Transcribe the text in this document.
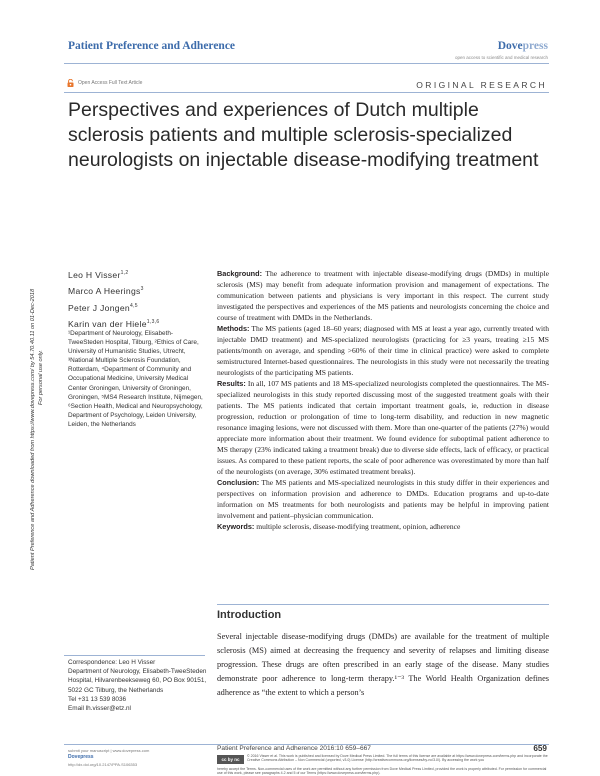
Patient Preference and Adherence	Dovepress
open access to scientific and medical research
Open Access Full Text Article	ORIGINAL RESEARCH
Perspectives and experiences of Dutch multiple sclerosis patients and multiple sclerosis-specialized neurologists on injectable disease-modifying treatment
Patient Preference and Adherence downloaded from https://www.dovepress.com/ by 54.70.40.11 on 01-Dec-2018 For personal use only.
Leo H Visser$^{1,2}$
Marco A Heerings$^3$
Peter J Jongen$^{4,5}$
Karin van der Hiele$^{1,3,6}$
¹Department of Neurology, Elisabeth-TweeSteden Hospital, Tilburg, ²Ethics of Care, University of Humanistic Studies, Utrecht, ³National Multiple Sclerosis Foundation, Rotterdam, ⁴Department of Community and Occupational Medicine, University Medical Center Groningen, University of Groningen, Groningen, ⁵MS4 Research Institute, Nijmegen, ⁶Section Health, Medical and Neuropsychology, Department of Psychology, Leiden University, Leiden, the Netherlands

Background: The adherence to treatment with injectable disease-modifying drugs (DMDs) in multiple sclerosis (MS) may benefit from adequate information provision and management of expectations. The communication between patients and physicians is very important in this respect. The current study investigated the perspectives and experiences of the MS patients and neurologists concerning the choice and course of treatment with DMDs in the Netherlands.

Methods: The MS patients (aged 18–60 years; diagnosed with MS at least a year ago, currently treated with injectable DMD treatment) and MS-specialized neurologists (practicing for ≥3 years, treating ≥15 MS patients/month on average, and spending >60% of their time in clinical practice) were asked to complete semistructured Internet-based questionnaires. The neurologists in this study were not necessarily the treating neurologists of the participating MS patients.

Results: In all, 107 MS patients and 18 MS-specialized neurologists completed the questionnaires. The MS-specialized neurologists in this study reported discussing most of the suggested treatment goals with their patients. The MS patients indicated that certain important treatment goals, ie, reduction in disease progression, reduction or prolongation of time to long-term disability, and reduction in new magnetic resonance imaging lesions, were not discussed with them. More than one-quarter of the patients (27%) would appreciate more information about their treatment. We found evidence for suboptimal patient adherence to MS therapy (23% indicated taking a treatment break) due to diverse side effects, lack of efficacy, or practical issues. As compared to these patient reports, the scale of poor adherence was overestimated by more than half of the neurologists (on average, 30% estimated treatment breaks).

Conclusion: The MS patients and MS-specialized neurologists in this study differ in their experiences and perspectives on information provision and adherence to DMDs. Education programs and up-to-date information on MS treatments for both neurologists and patients may be helpful in improving patient involvement and patient–physician communication.

Keywords: multiple sclerosis, disease-modifying treatment, opinion, adherence

Introduction

Several injectable disease-modifying drugs (DMDs) are available for the treatment of multiple sclerosis (MS) aimed at decreasing the frequency and severity of relapses and limiting disease progression. These drugs are often prescribed in an early stage of the disease. Many studies demonstrate poor adherence to long-term therapy.¹⁻³ The World Health Organization defines adherence as “the extent to which a person’s

Correspondence: Leo H Visser
Department of Neurology, Elisabeth-TweeSteden Hospital, Hilvarenbeekseweg 60, PO Box 90151, 5022 GC Tilburg, the Netherlands
Tel +31 13 539 8036
Email lh.visser@etz.nl
submit your manuscript | www.dovepress.com
Dovepress
http://dx.doi.org/10.2147/PPA.S106353
Patient Preference and Adherence 2016:10 659–667	659
cc by nc
© 2016 Visser et al. This work is published and licensed by Dove Medical Press Limited. The full terms of this license are available at https://www.dovepress.com/terms.php and incorporate the Creative Commons Attribution – Non Commercial (unported, v3.0) License (http://creativecommons.org/licenses/by-nc/3.0/). By accessing the work you
hereby accept the Terms. Non-commercial uses of the work are permitted without any further permission from Dove Medical Press Limited, provided the work is properly attributed. For permission for commercial use of this work, please see paragraphs 4.2 and 5 of our Terms (https://www.dovepress.com/terms.php).
